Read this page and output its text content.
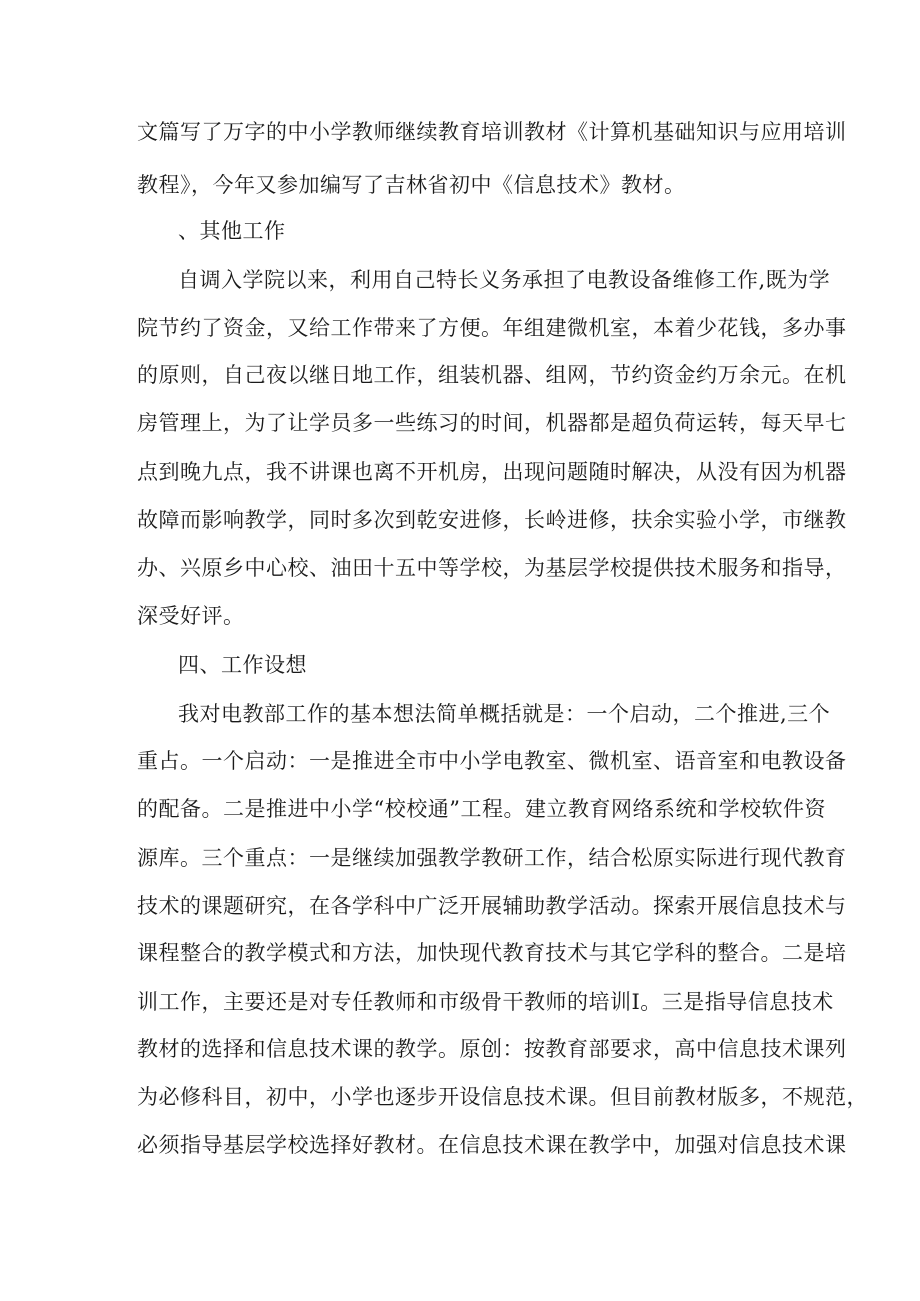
文篇写了万字的中小学教师继续教育培训教材《计算机基础知识与应用培训
教程》，今年又参加编写了吉林省初中《信息技术》教材。
、其他工作
自调入学院以来，利用自己特长义务承担了电教设备维修工作,既为学
院节约了资金，又给工作带来了方便。年组建微机室，本着少花钱，多办事
的原则，自己夜以继日地工作，组装机器、组网，节约资金约万余元。在机
房管理上，为了让学员多一些练习的时间，机器都是超负荷运转，每天早七
点到晚九点，我不讲课也离不开机房，出现问题随时解决，从没有因为机器
故障而影响教学，同时多次到乾安进修，长岭进修，扶余实验小学，市继教
办、兴原乡中心校、油田十五中等学校，为基层学校提供技术服务和指导，
深受好评。
四、工作设想
我对电教部工作的基本想法简单概括就是：一个启动，二个推进,三个
重占。一个启动：一是推进全市中小学电教室、微机室、语音室和电教设备
的配备。二是推进中小学“校校通”工程。建立教育网络系统和学校软件资
源库。三个重点：一是继续加强教学教研工作，结合松原实际进行现代教育
技术的课题研究，在各学科中广泛开展辅助教学活动。探索开展信息技术与
课程整合的教学模式和方法，加快现代教育技术与其它学科的整合。二是培
训工作，主要还是对专任教师和市级骨干教师的培训Ⅰ。三是指导信息技术
教材的选择和信息技术课的教学。原创：按教育部要求，高中信息技术课列
为必修科目，初中，小学也逐步开设信息技术课。但目前教材版多，不规范，
必须指导基层学校选择好教材。在信息技术课在教学中，加强对信息技术课
